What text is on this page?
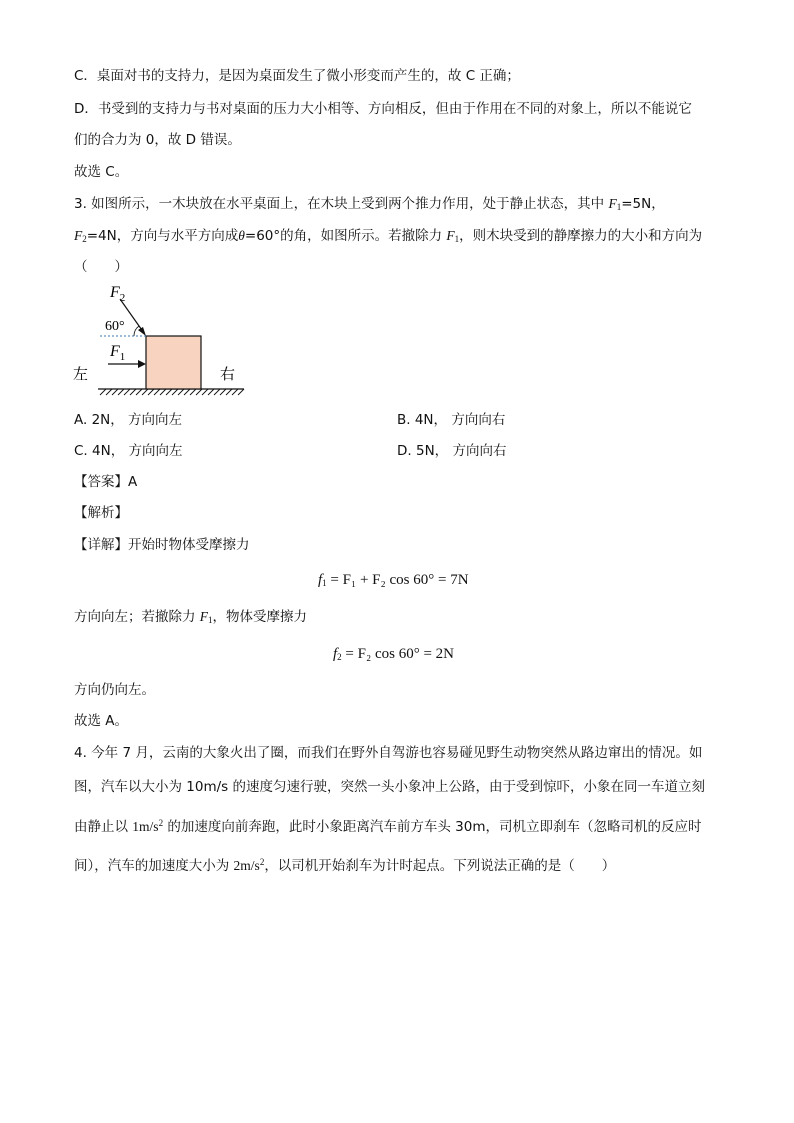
C．桌面对书的支持力，是因为桌面发生了微小形变而产生的，故 C 正确；
D．书受到的支持力与书对桌面的压力大小相等、方向相反，但由于作用在不同的对象上，所以不能说它
们的合力为 0，故 D 错误。
故选 C。
3. 如图所示，一木块放在水平桌面上，在木块上受到两个推力作用，处于静止状态，其中 $F_1=5N$，
$F_2=4N$，方向与水平方向成θ=60°的角，如图所示。若撤除力 $F_1$，则木块受到的静摩擦力的大小和方向为
（　　）
$F_2$
60°
$F_1$
左	右
A. 2N， 方向向左	B. 4N， 方向向右
C. 4N， 方向向左	D. 5N， 方向向右
【答案】A
【解析】
【详解】开始时物体受摩擦力
$f_1 = F_1 + F_2$ cos 60° = 7N
方向向左；若撤除力 $F_1$，物体受摩擦力
$f_2 = F_2$ cos 60° = 2N
方向仍向左。
故选 A。
4. 今年 7 月，云南的大象火出了圈，而我们在野外自驾游也容易碰见野生动物突然从路边窜出的情况。如
图，汽车以大小为 10m/s 的速度匀速行驶，突然一头小象冲上公路，由于受到惊吓，小象在同一车道立刻
由静止以 $1m/s^2$ 的加速度向前奔跑，此时小象距离汽车前方车头 30m，司机立即刹车（忽略司机的反应时
间），汽车的加速度大小为 $2m/s^2$，以司机开始刹车为计时起点。下列说法正确的是（　　）
